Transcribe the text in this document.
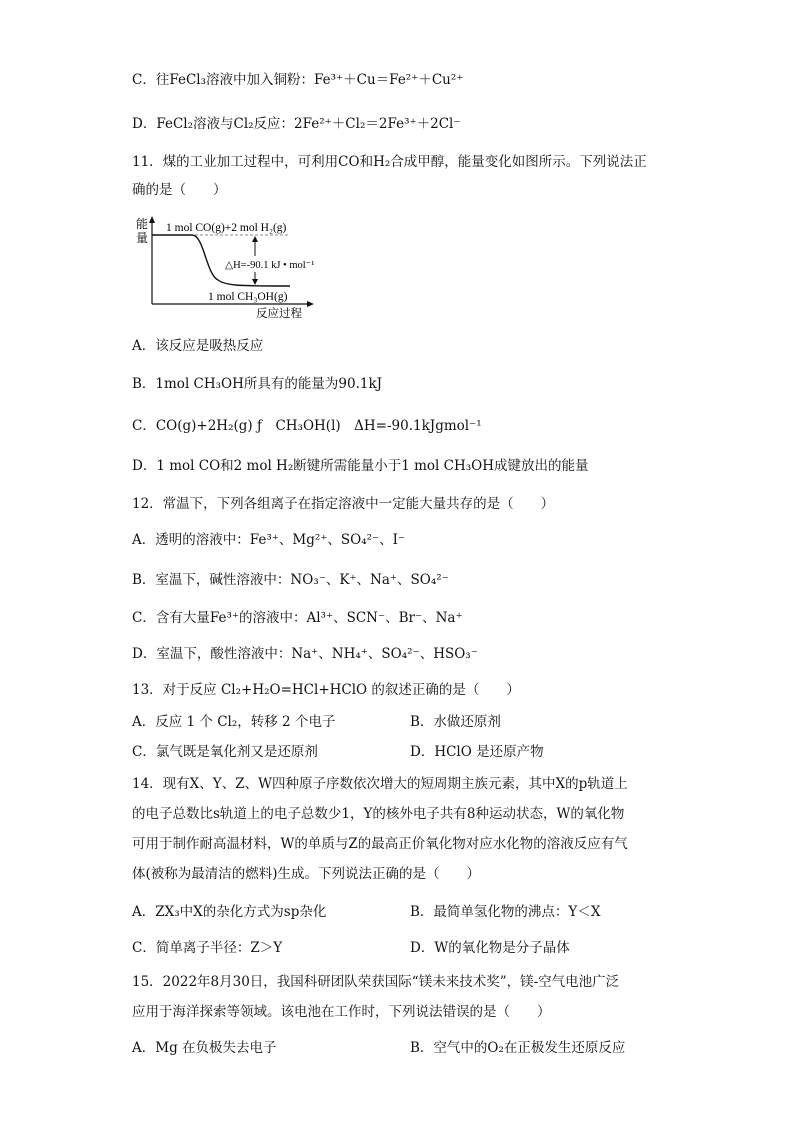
C．往FeCl₃溶液中加入铜粉：Fe³⁺＋Cu＝Fe²⁺＋Cu²⁺
D．FeCl₂溶液与Cl₂反应：2Fe²⁺＋Cl₂＝2Fe³⁺＋2Cl⁻
11．煤的工业加工过程中，可利用CO和H₂合成甲醇，能量变化如图所示。下列说法正
确的是（　　）
能
量
1 mol CO(g)+2 mol H₂(g)
△H=-90.1 kJ • mol⁻¹
1 mol CH₃OH(g)
反应过程
A．该反应是吸热反应
B．1mol CH₃OH所具有的能量为90.1kJ
C．CO(g)+2H₂(g) ƒ　CH₃OH(l)　ΔH=-90.1kJgmol⁻¹
D．1 mol CO和2 mol H₂断键所需能量小于1 mol CH₃OH成键放出的能量
12．常温下，下列各组离子在指定溶液中一定能大量共存的是（　　）
A．透明的溶液中：Fe³⁺、Mg²⁺、SO₄²⁻、I⁻
B．室温下，碱性溶液中：NO₃⁻、K⁺、Na⁺、SO₄²⁻
C．含有大量Fe³⁺的溶液中：Al³⁺、SCN⁻、Br⁻、Na⁺
D．室温下，酸性溶液中：Na⁺、NH₄⁺、SO₄²⁻、HSO₃⁻
13．对于反应 Cl₂+H₂O=HCl+HClO 的叙述正确的是（　　）
A．反应 1 个 Cl₂，转移 2 个电子	B．水做还原剂
C．氯气既是氧化剂又是还原剂	D．HClO 是还原产物
14．现有X、Y、Z、W四种原子序数依次增大的短周期主族元素，其中X的p轨道上
的电子总数比s轨道上的电子总数少1，Y的核外电子共有8种运动状态，W的氧化物
可用于制作耐高温材料，W的单质与Z的最高正价氧化物对应水化物的溶液反应有气
体(被称为最清洁的燃料)生成。下列说法正确的是（　　）
A．ZX₃中X的杂化方式为sp杂化	B．最简单氢化物的沸点：Y＜X
C．简单离子半径：Z＞Y	D．W的氧化物是分子晶体
15．2022年8月30日，我国科研团队荣获国际“镁未来技术奖”，镁-空气电池广泛
应用于海洋探索等领域。该电池在工作时，下列说法错误的是（　　）
A．Mg 在负极失去电子	B．空气中的O₂在正极发生还原反应
